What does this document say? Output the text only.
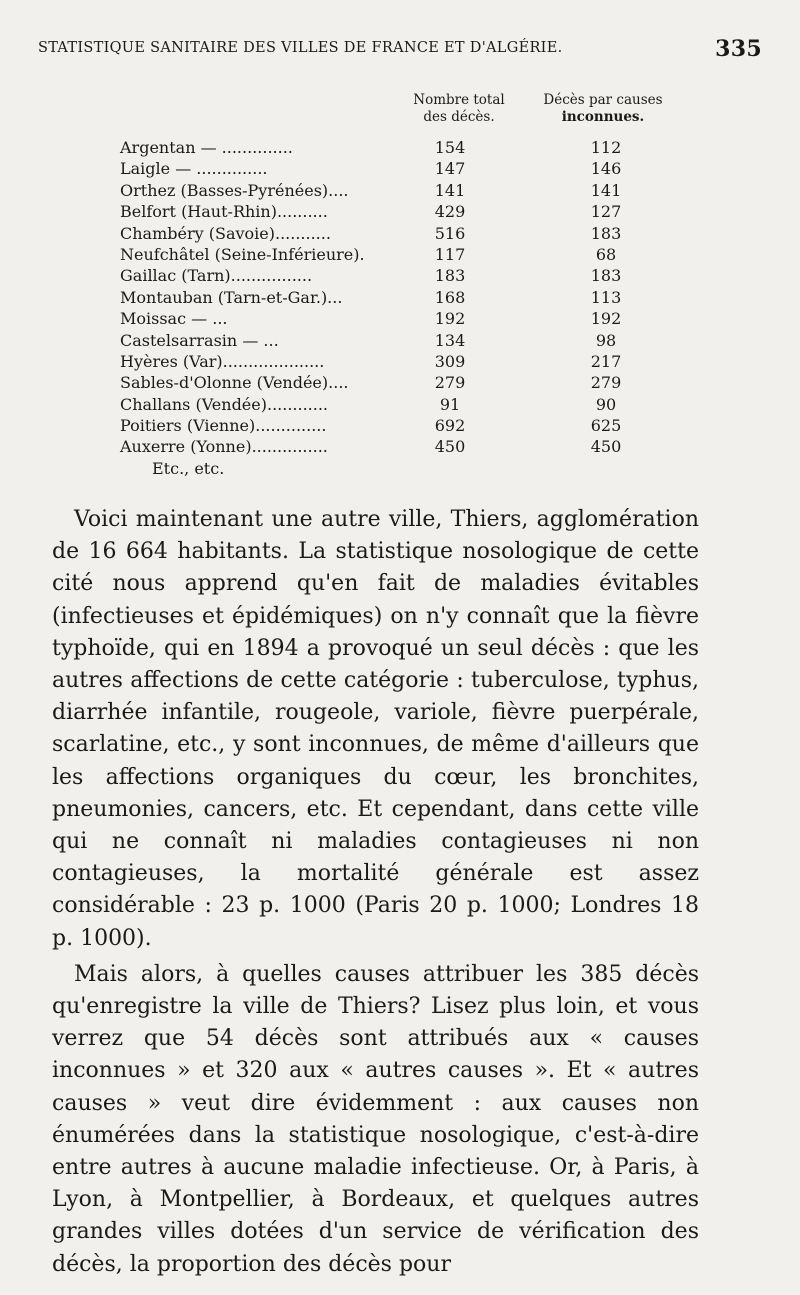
STATISTIQUE SANITAIRE DES VILLES DE FRANCE ET D'ALGÉRIE.	335
Nombre total
des décès.
Décès par causes
inconnues.
Argentan — ..............	154	112
Laigle — ..............	147	146
Orthez (Basses-Pyrénées)....	141	141
Belfort (Haut-Rhin)..........	429	127
Chambéry (Savoie)...........	516	183
Neufchâtel (Seine-Inférieure).	117	68
Gaillac (Tarn)................	183	183
Montauban (Tarn-et-Gar.)...	168	113
Moissac — ...	192	192
Castelsarrasin — ...	134	98
Hyères (Var)....................	309	217
Sables-d'Olonne (Vendée)....	279	279
Challans (Vendée)............	91	90
Poitiers (Vienne)..............	692	625
Auxerre (Yonne)...............	450	450
Etc., etc.

Voici maintenant une autre ville, Thiers, agglomération de 16 664 habitants. La statistique nosologique de cette cité nous apprend qu'en fait de maladies évitables (infectieuses et épidémiques) on n'y connaît que la fièvre typhoïde, qui en 1894 a provoqué un seul décès : que les autres affections de cette catégorie : tuberculose, typhus, diarrhée infantile, rougeole, variole, fièvre puerpérale, scarlatine, etc., y sont inconnues, de même d'ailleurs que les affections organiques du cœur, les bronchites, pneumonies, cancers, etc. Et cependant, dans cette ville qui ne connaît ni maladies contagieuses ni non contagieuses, la mortalité générale est assez considérable : 23 p. 1000 (Paris 20 p. 1000; Londres 18 p. 1000).

Mais alors, à quelles causes attribuer les 385 décès qu'enregistre la ville de Thiers? Lisez plus loin, et vous verrez que 54 décès sont attribués aux « causes inconnues » et 320 aux « autres causes ». Et « autres causes » veut dire évidemment : aux causes non énumérées dans la statistique nosologique, c'est-à-dire entre autres à aucune maladie infectieuse. Or, à Paris, à Lyon, à Montpellier, à Bordeaux, et quelques autres grandes villes dotées d'un service de vérification des décès, la proportion des décès pour
